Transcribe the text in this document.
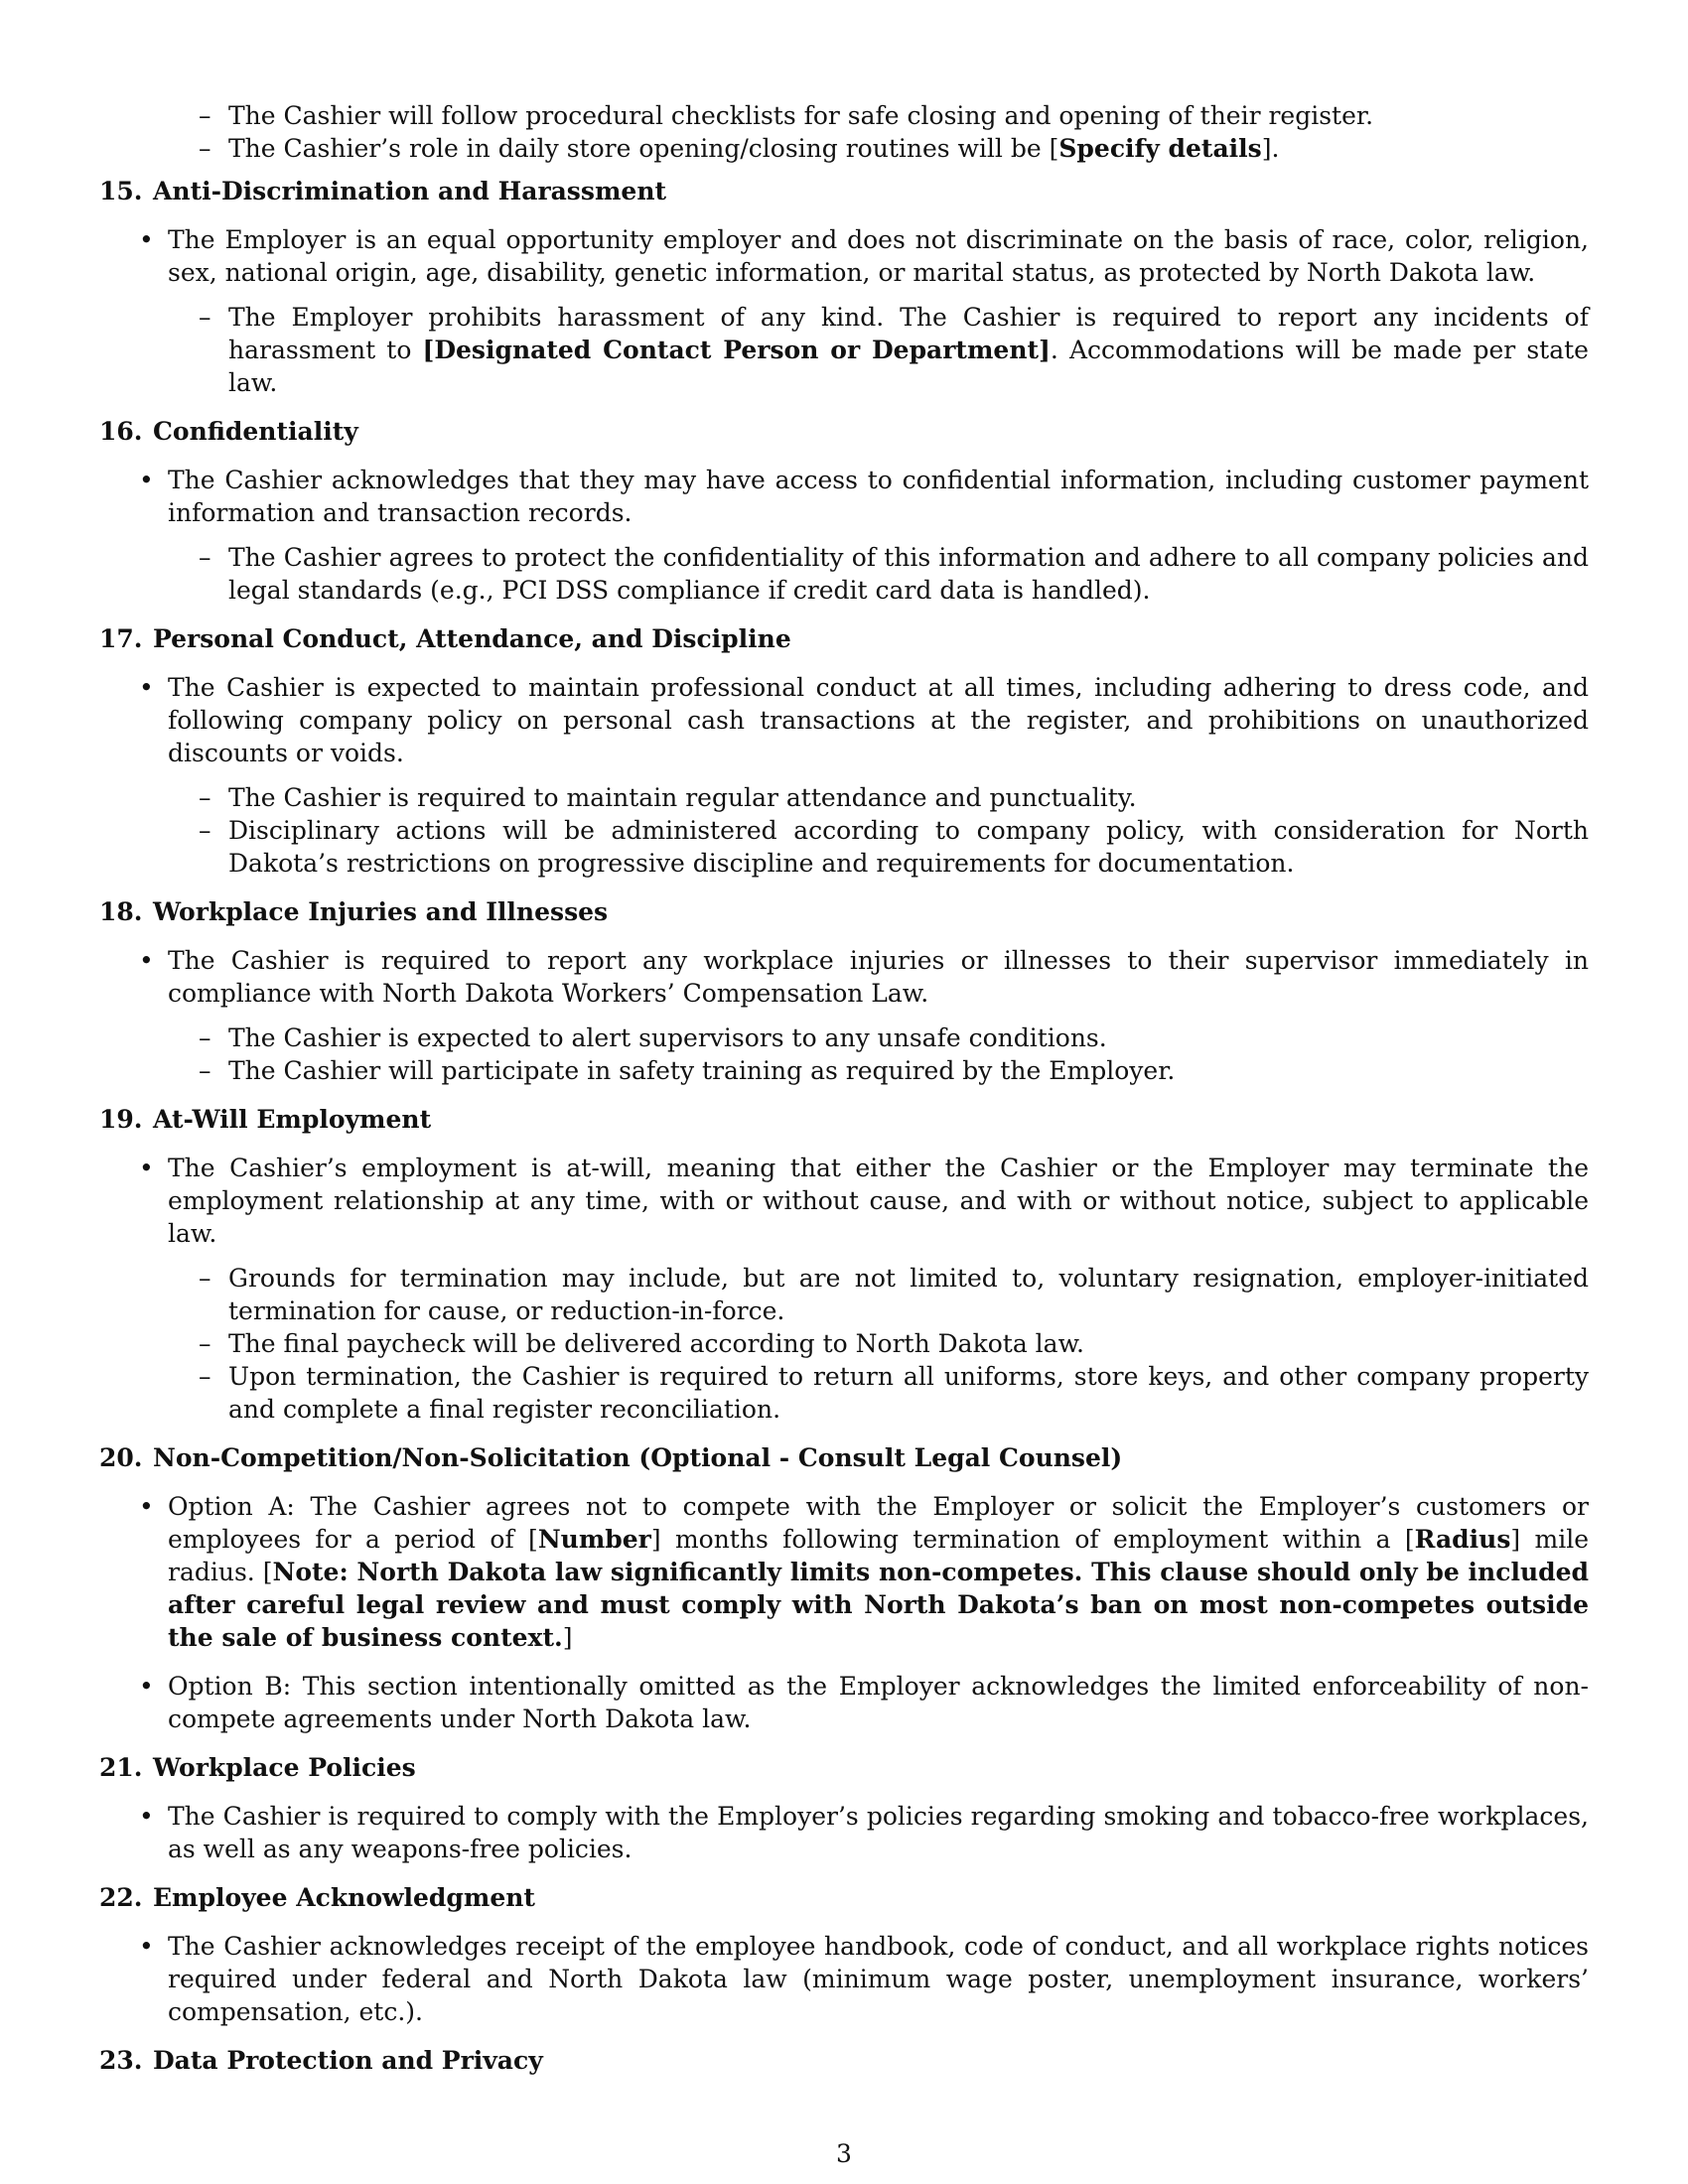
– The Cashier will follow procedural checklists for safe closing and opening of their register.
– The Cashier’s role in daily store opening/closing routines will be [Specify details].
15. Anti-Discrimination and Harassment
• The Employer is an equal opportunity employer and does not discriminate on the basis of race, color, religion, sex, national origin, age, disability, genetic information, or marital status, as protected by North Dakota law.
– The Employer prohibits harassment of any kind. The Cashier is required to report any incidents of harassment to [Designated Contact Person or Department]. Accommodations will be made per state law.
16. Confidentiality
• The Cashier acknowledges that they may have access to confidential information, including customer payment information and transaction records.
– The Cashier agrees to protect the confidentiality of this information and adhere to all company policies and legal standards (e.g., PCI DSS compliance if credit card data is handled).
17. Personal Conduct, Attendance, and Discipline
• The Cashier is expected to maintain professional conduct at all times, including adhering to dress code, and following company policy on personal cash transactions at the register, and prohibitions on unauthorized discounts or voids.
– The Cashier is required to maintain regular attendance and punctuality.
– Disciplinary actions will be administered according to company policy, with consideration for North Dakota’s restrictions on progressive discipline and requirements for documentation.
18. Workplace Injuries and Illnesses
• The Cashier is required to report any workplace injuries or illnesses to their supervisor immediately in compliance with North Dakota Workers’ Compensation Law.
– The Cashier is expected to alert supervisors to any unsafe conditions.
– The Cashier will participate in safety training as required by the Employer.
19. At-Will Employment
• The Cashier’s employment is at-will, meaning that either the Cashier or the Employer may terminate the employment relationship at any time, with or without cause, and with or without notice, subject to applicable law.
– Grounds for termination may include, but are not limited to, voluntary resignation, employer-initiated termination for cause, or reduction-in-force.
– The final paycheck will be delivered according to North Dakota law.
– Upon termination, the Cashier is required to return all uniforms, store keys, and other company property and complete a final register reconciliation.
20. Non-Competition/Non-Solicitation (Optional - Consult Legal Counsel)
• Option A: The Cashier agrees not to compete with the Employer or solicit the Employer’s customers or employees for a period of [Number] months following termination of employment within a [Radius] mile radius. [Note: North Dakota law significantly limits non-competes. This clause should only be included after careful legal review and must comply with North Dakota’s ban on most non-competes outside the sale of business context.]
• Option B: This section intentionally omitted as the Employer acknowledges the limited enforceability of non-compete agreements under North Dakota law.
21. Workplace Policies
• The Cashier is required to comply with the Employer’s policies regarding smoking and tobacco-free workplaces, as well as any weapons-free policies.
22. Employee Acknowledgment
• The Cashier acknowledges receipt of the employee handbook, code of conduct, and all workplace rights notices required under federal and North Dakota law (minimum wage poster, unemployment insurance, workers’ compensation, etc.).
23. Data Protection and Privacy
3
